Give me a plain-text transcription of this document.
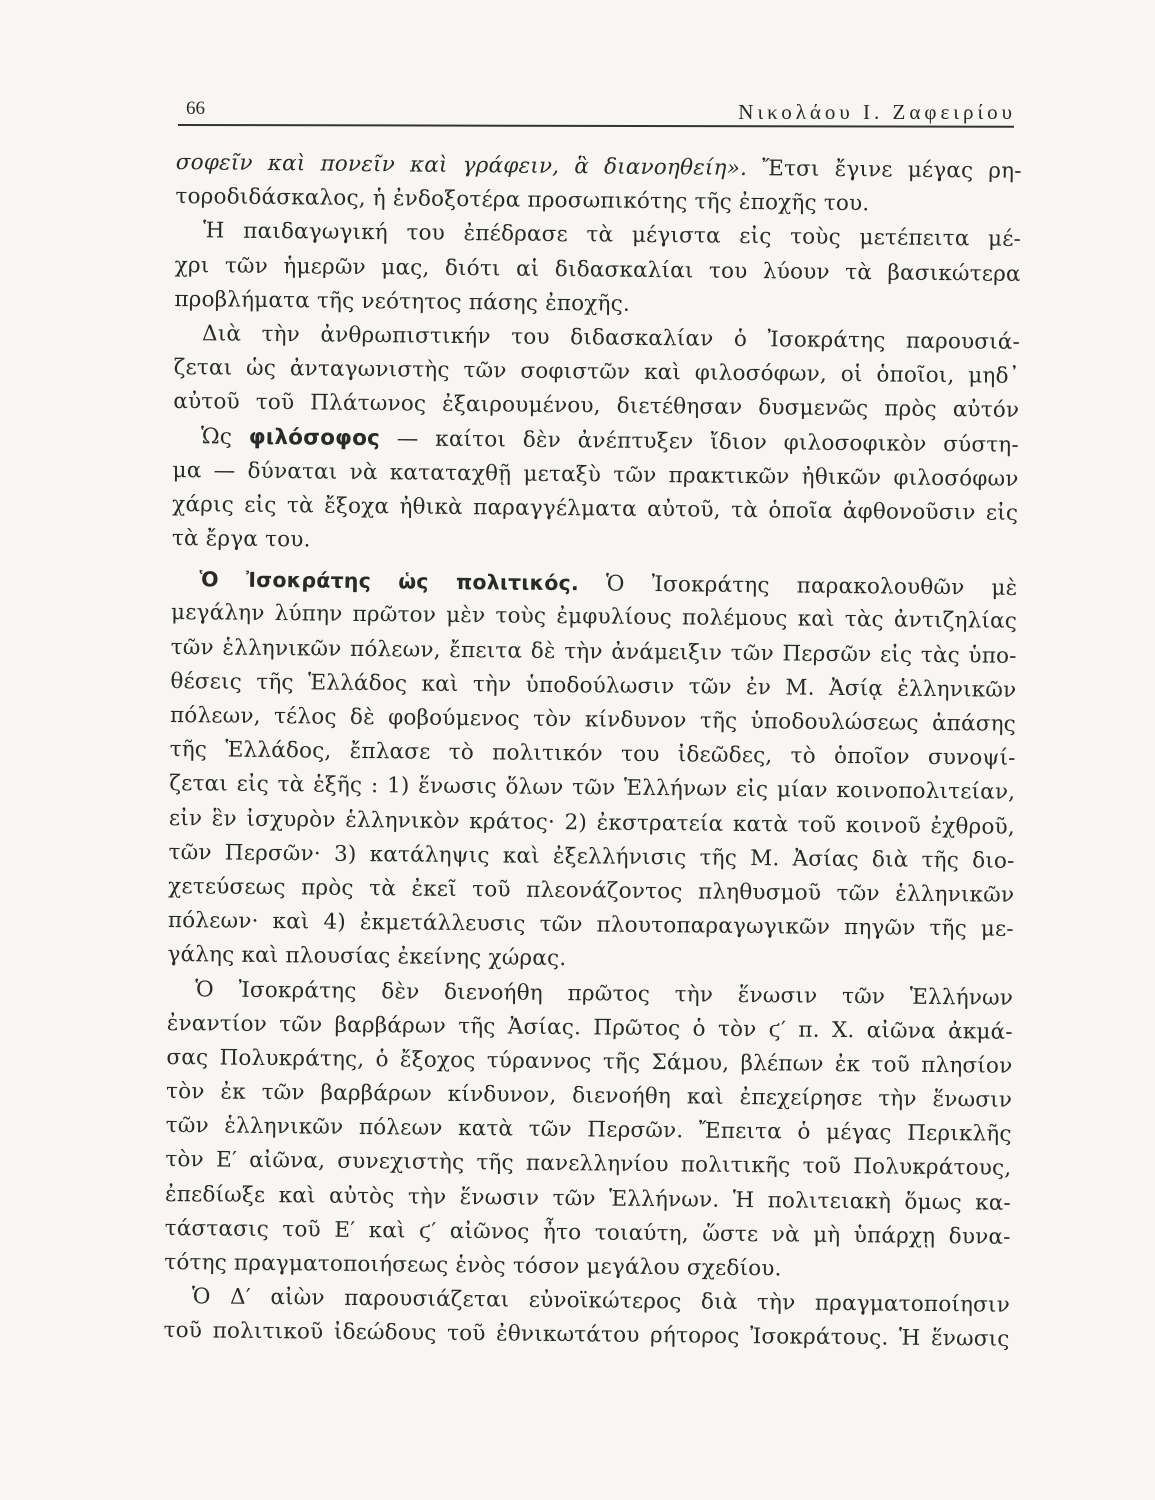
66	Νικολάου Ι. Ζαφειρίου
σοφεῖν καὶ πονεῖν καὶ γράφειν, ἃ διανοηθείη». Ἔτσι ἔγινε μέγας ρη-
τοροδιδάσκαλος, ἡ ἐνδοξοτέρα προσωπικότης τῆς ἐποχῆς του.
Ἡ παιδαγωγική του ἐπέδρασε τὰ μέγιστα εἰς τοὺς μετέπειτα μέ-
χρι τῶν ἡμερῶν μας, διότι αἱ διδασκαλίαι του λύουν τὰ βασικώτερα
προβλήματα τῆς νεότητος πάσης ἐποχῆς.
Διὰ τὴν ἀνθρωπιστικήν του διδασκαλίαν ὁ Ἰσοκράτης παρουσιά-
ζεται ὡς ἀνταγωνιστὴς τῶν σοφιστῶν καὶ φιλοσόφων, οἱ ὁποῖοι, μηδ᾽
αὐτοῦ τοῦ Πλάτωνος ἐξαιρουμένου, διετέθησαν δυσμενῶς πρὸς αὐτόν
Ὡς φιλόσοφος — καίτοι δὲν ἀνέπτυξεν ἴδιον φιλοσοφικὸν σύστη-
μα — δύναται νὰ καταταχθῇ μεταξὺ τῶν πρακτικῶν ἠθικῶν φιλοσόφων
χάρις εἰς τὰ ἔξοχα ἠθικὰ παραγγέλματα αὐτοῦ, τὰ ὁποῖα ἀφθονοῦσιν εἰς
τὰ ἔργα του.
Ὁ Ἰσοκράτης ὡς πολιτικός. Ὁ Ἰσοκράτης παρακολουθῶν μὲ
μεγάλην λύπην πρῶτον μὲν τοὺς ἐμφυλίους πολέμους καὶ τὰς ἀντιζηλίας
τῶν ἑλληνικῶν πόλεων, ἔπειτα δὲ τὴν ἀνάμειξιν τῶν Περσῶν εἰς τὰς ὑπο-
θέσεις τῆς Ἑλλάδος καὶ τὴν ὑποδούλωσιν τῶν ἐν Μ. Ἀσίᾳ ἑλληνικῶν
πόλεων, τέλος δὲ φοβούμενος τὸν κίνδυνον τῆς ὑποδουλώσεως ἁπάσης
τῆς Ἑλλάδος, ἔπλασε τὸ πολιτικόν του ἰδεῶδες, τὸ ὁποῖον συνοψί-
ζεται εἰς τὰ ἑξῆς : 1) ἕνωσις ὅλων τῶν Ἑλλήνων εἰς μίαν κοινοπολιτείαν,
εἰν ἓν ἰσχυρὸν ἑλληνικὸν κράτος· 2) ἐκστρατεία κατὰ τοῦ κοινοῦ ἐχθροῦ,
τῶν Περσῶν· 3) κατάληψις καὶ ἐξελλήνισις τῆς Μ. Ἀσίας διὰ τῆς διο-
χετεύσεως πρὸς τὰ ἐκεῖ τοῦ πλεονάζοντος πληθυσμοῦ τῶν ἑλληνικῶν
πόλεων· καὶ 4) ἐκμετάλλευσις τῶν πλουτοπαραγωγικῶν πηγῶν τῆς με-
γάλης καὶ πλουσίας ἐκείνης χώρας.
Ὁ Ἰσοκράτης δὲν διενοήθη πρῶτος τὴν ἕνωσιν τῶν Ἑλλήνων
ἐναντίον τῶν βαρβάρων τῆς Ἀσίας. Πρῶτος ὁ τὸν ϛ′ π. Χ. αἰῶνα ἀκμά-
σας Πολυκράτης, ὁ ἔξοχος τύραννος τῆς Σάμου, βλέπων ἐκ τοῦ πλησίον
τὸν ἐκ τῶν βαρβάρων κίνδυνον, διενοήθη καὶ ἐπεχείρησε τὴν ἕνωσιν
τῶν ἑλληνικῶν πόλεων κατὰ τῶν Περσῶν. Ἔπειτα ὁ μέγας Περικλῆς
τὸν Ε′ αἰῶνα, συνεχιστὴς τῆς πανελληνίου πολιτικῆς τοῦ Πολυκράτους,
ἐπεδίωξε καὶ αὐτὸς τὴν ἕνωσιν τῶν Ἑλλήνων. Ἡ πολιτειακὴ ὅμως κα-
τάστασις τοῦ Ε′ καὶ ϛ′ αἰῶνος ἦτο τοιαύτη, ὥστε νὰ μὴ ὑπάρχῃ δυνα-
τότης πραγματοποιήσεως ἑνὸς τόσον μεγάλου σχεδίου.
Ὁ Δ′ αἰὼν παρουσιάζεται εὐνοϊκώτερος διὰ τὴν πραγματοποίησιν
τοῦ πολιτικοῦ ἰδεώδους τοῦ ἐθνικωτάτου ρήτορος Ἰσοκράτους. Ἡ ἕνωσις
